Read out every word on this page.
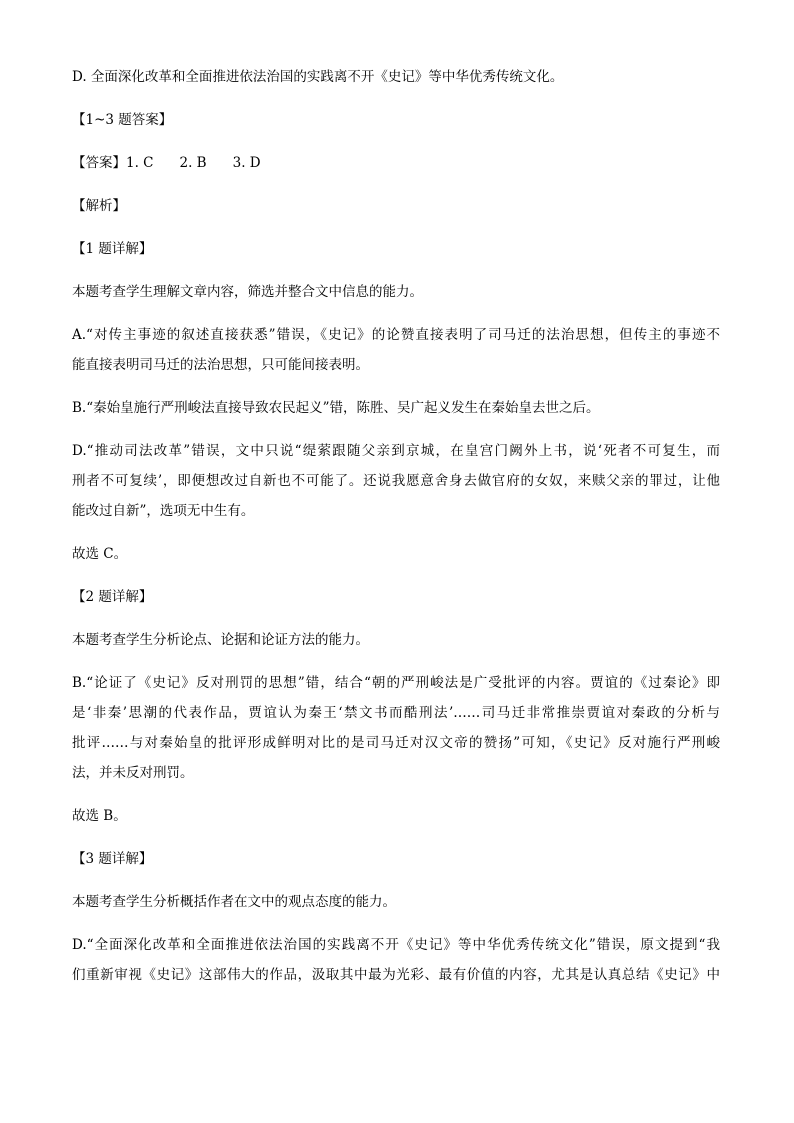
D. 全面深化改革和全面推进依法治国的实践离不开《史记》等中华优秀传统文化。

【1~3 题答案】

【答案】1. C 2. B 3. D

【解析】

【1 题详解】

本题考查学生理解文章内容，筛选并整合文中信息的能力。

A.“对传主事迹的叙述直接获悉”错误，《史记》的论赞直接表明了司马迁的法治思想，但传主的事迹不
能直接表明司马迁的法治思想，只可能间接表明。

B.“秦始皇施行严刑峻法直接导致农民起义”错，陈胜、吴广起义发生在秦始皇去世之后。

D.“推动司法改革”错误，文中只说“缇萦跟随父亲到京城，在皇宫门阙外上书，说‘死者不可复生，而
刑者不可复续’，即便想改过自新也不可能了。还说我愿意舍身去做官府的女奴，来赎父亲的罪过，让他
能改过自新”，选项无中生有。

故选 C。

【2 题详解】

本题考查学生分析论点、论据和论证方法的能力。

B.“论证了《史记》反对刑罚的思想”错，结合“朝的严刑峻法是广受批评的内容。贾谊的《过秦论》即
是‘非秦’思潮的代表作品，贾谊认为秦王‘禁文书而酷刑法’……司马迁非常推崇贾谊对秦政的分析与
批评……与对秦始皇的批评形成鲜明对比的是司马迁对汉文帝的赞扬”可知，《史记》反对施行严刑峻
法，并未反对刑罚。

故选 B。

【3 题详解】

本题考查学生分析概括作者在文中的观点态度的能力。

D.“全面深化改革和全面推进依法治国的实践离不开《史记》等中华优秀传统文化”错误，原文提到“我
们重新审视《史记》这部伟大的作品，汲取其中最为光彩、最有价值的内容，尤其是认真总结《史记》中
